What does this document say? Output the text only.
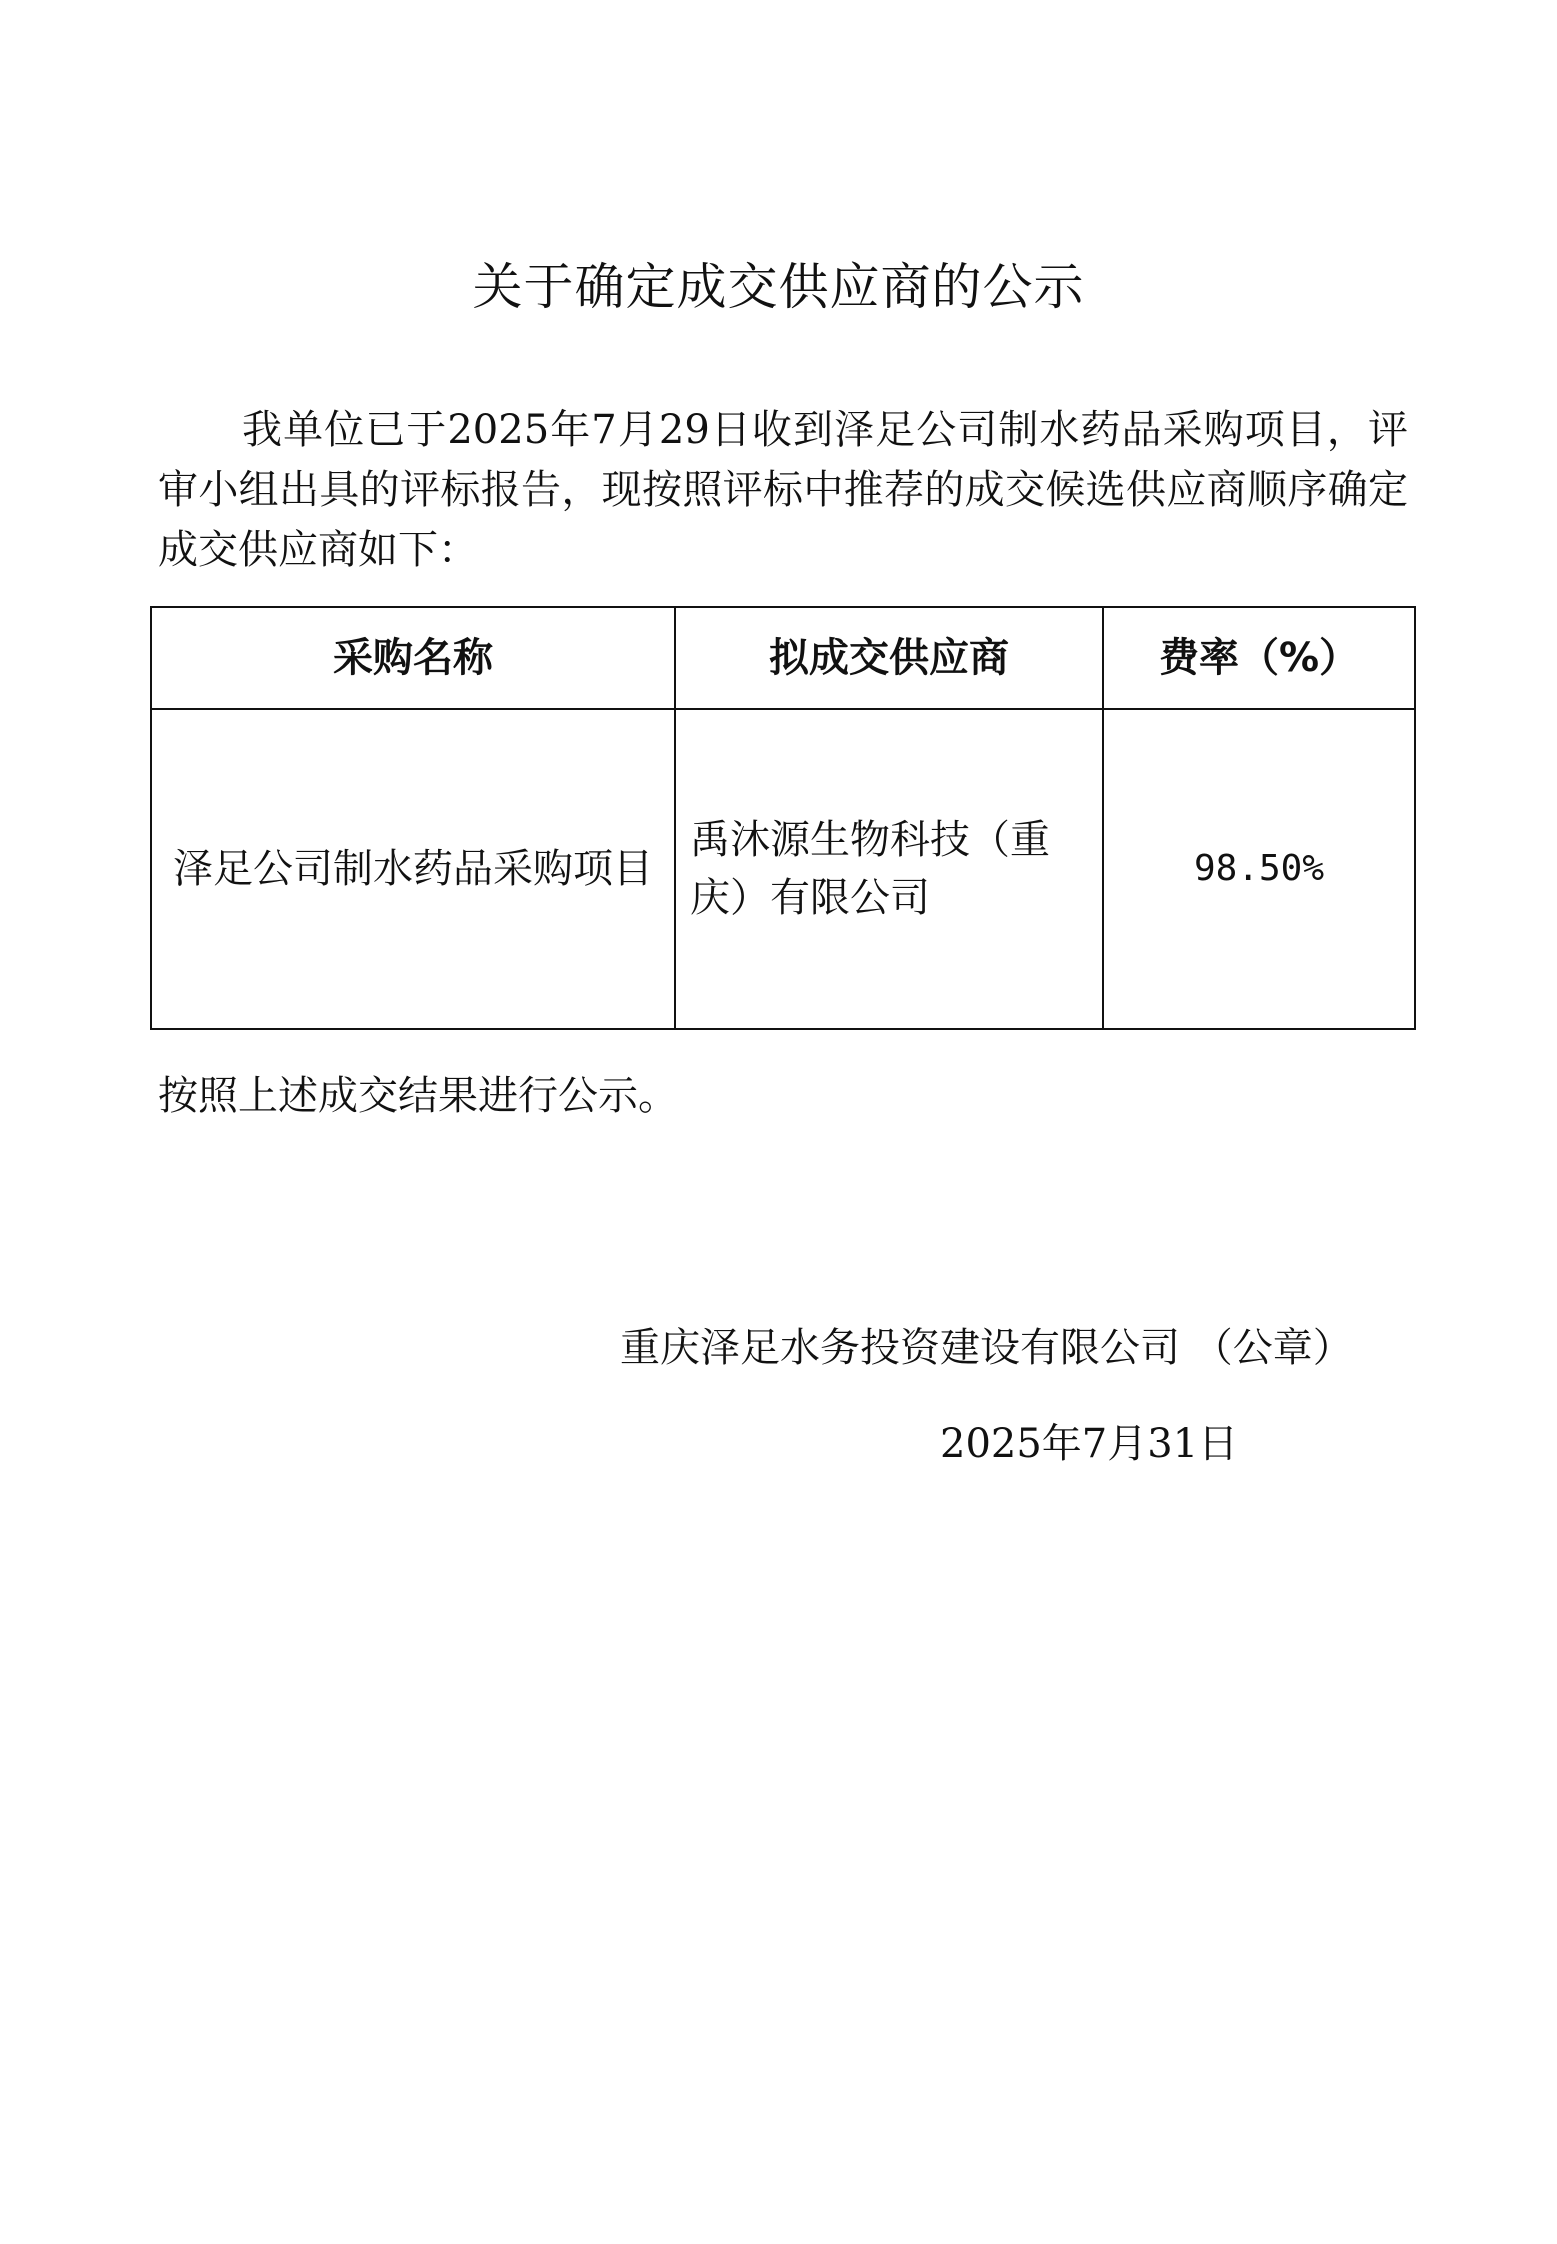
关于确定成交供应商的公示

我单位已于2025年7月29日收到泽足公司制水药品采购项目，评审小组出具的评标报告，现按照评标中推荐的成交候选供应商顺序确定成交供应商如下：

采购名称	拟成交供应商	费率（%）
泽足公司制水药品采购项目	禹沐源生物科技（重庆）有限公司	98.50%
按照上述成交结果进行公示。
重庆泽足水务投资建设有限公司 （公章）
2025年7月31日
